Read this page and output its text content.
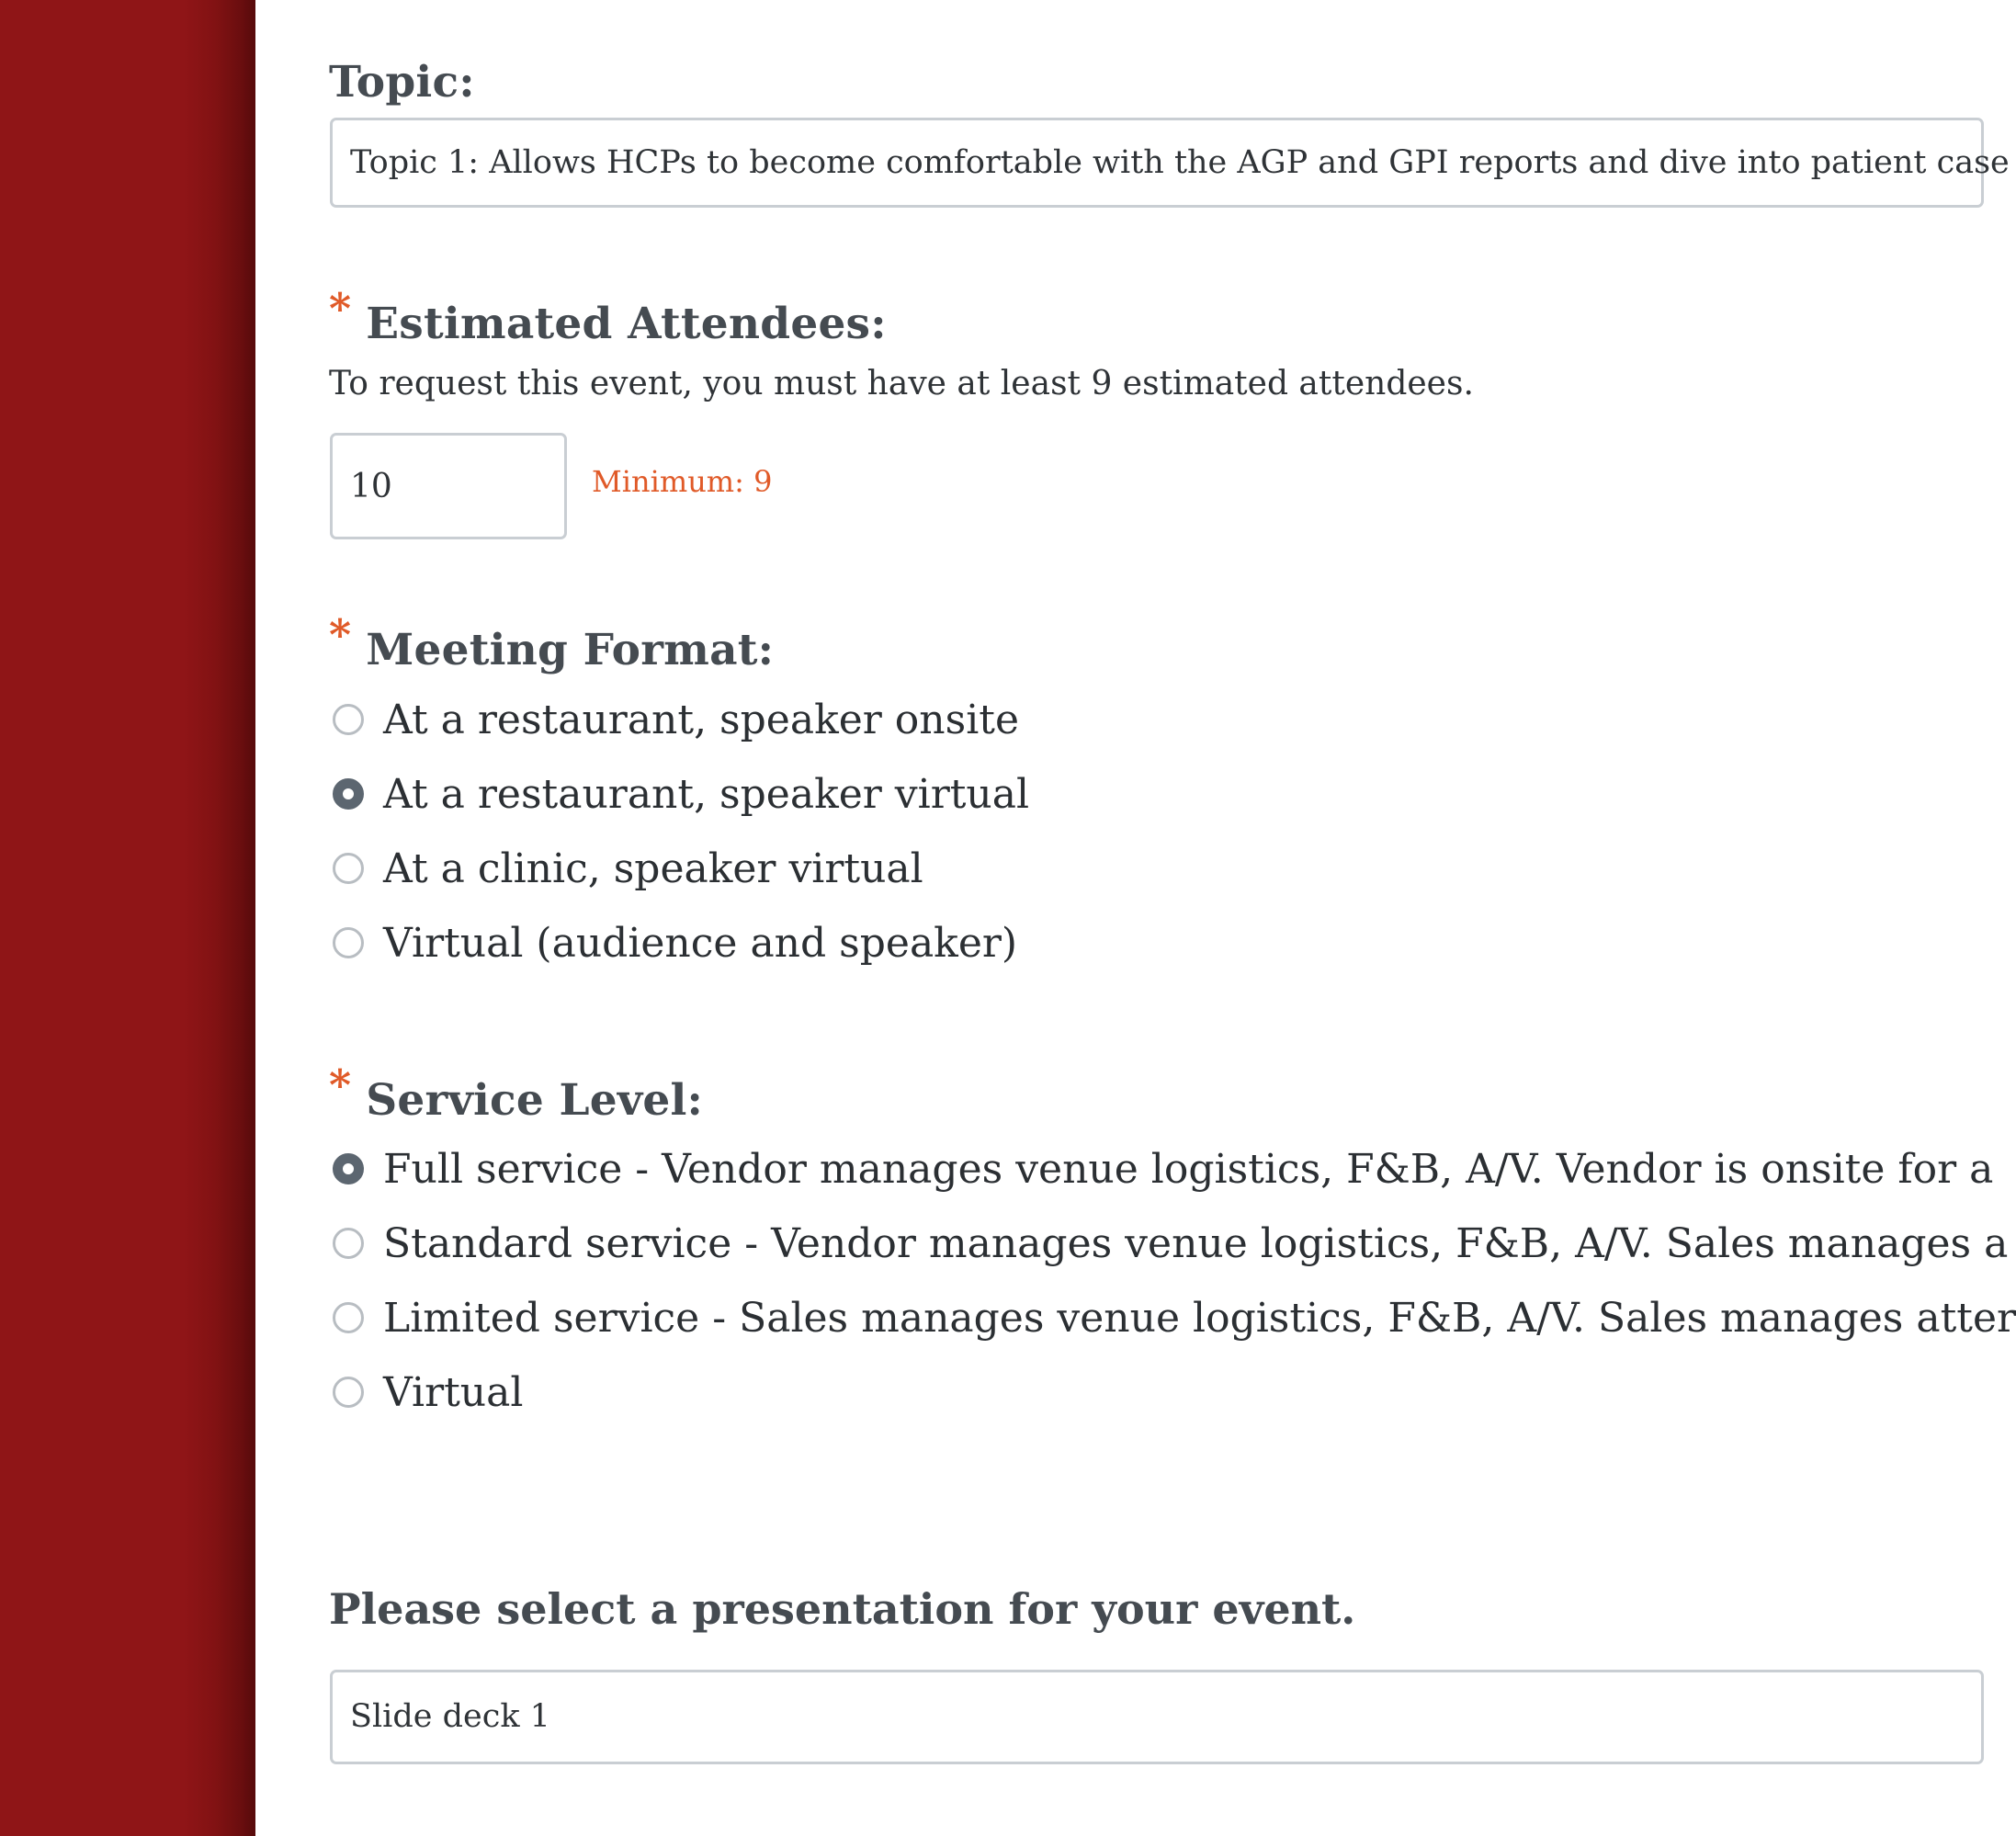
Topic:
Topic 1: Allows HCPs to become comfortable with the AGP and GPI reports and dive into patient case
* Estimated Attendees:
To request this event, you must have at least 9 estimated attendees.
10
Minimum: 9
* Meeting Format:
At a restaurant, speaker onsite
At a restaurant, speaker virtual
At a clinic, speaker virtual
Virtual (audience and speaker)
* Service Level:
Full service - Vendor manages venue logistics, F&B, A/V. Vendor is onsite for a
Standard service - Vendor manages venue logistics, F&B, A/V. Sales manages a
Limited service - Sales manages venue logistics, F&B, A/V. Sales manages atter
Virtual
Please select a presentation for your event.
Slide deck 1
